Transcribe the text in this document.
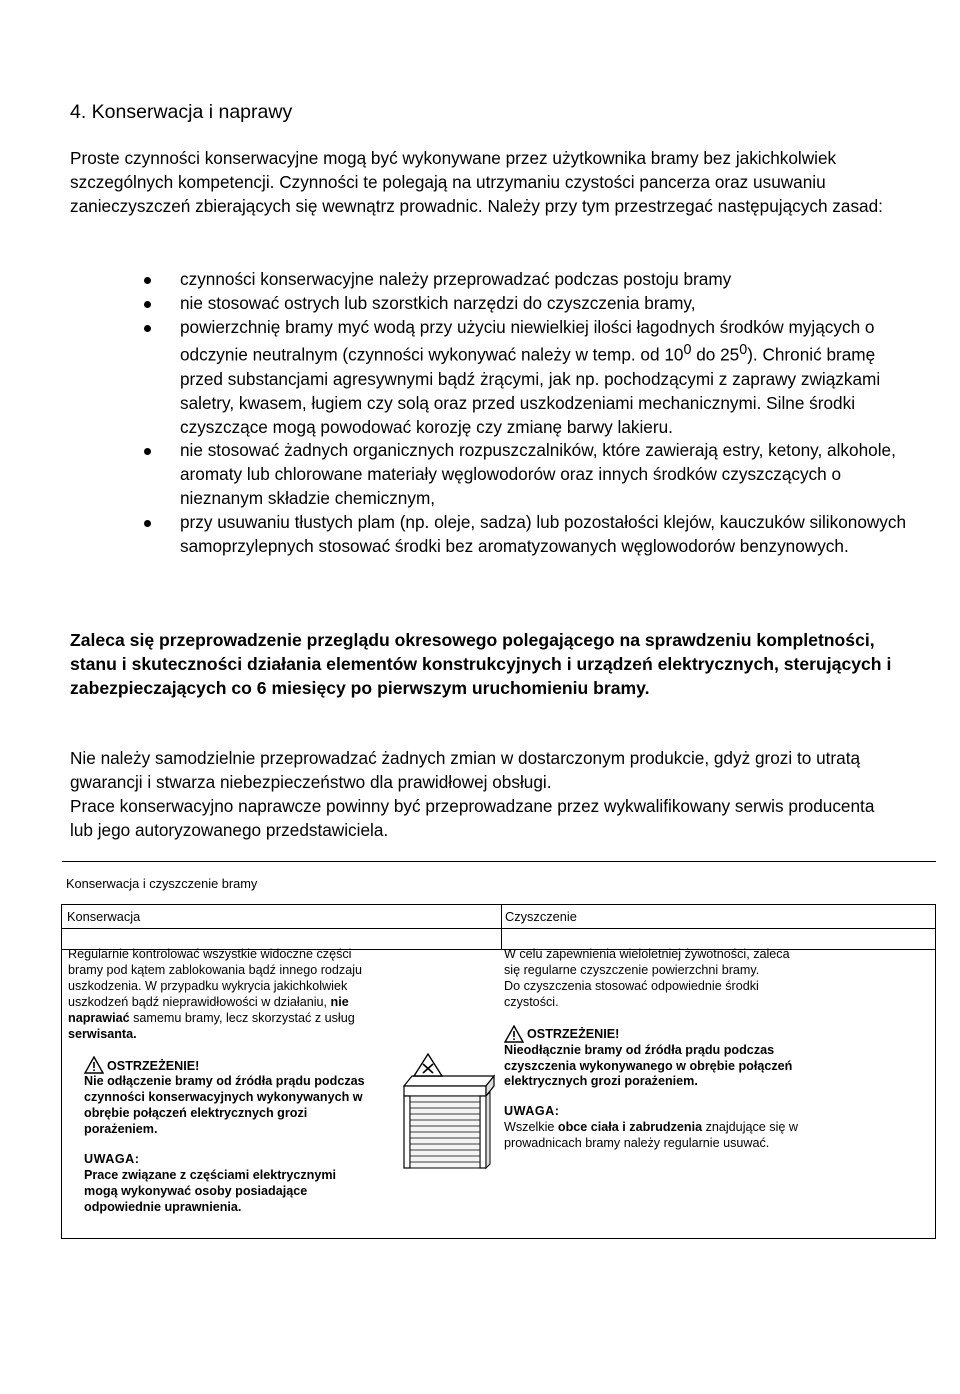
4. Konserwacja i naprawy

Proste czynności konserwacyjne mogą być wykonywane przez użytkownika bramy bez jakichkolwiek szczególnych kompetencji. Czynności te polegają na utrzymaniu czystości pancerza oraz usuwaniu zanieczyszczeń zbierających się wewnątrz prowadnic. Należy przy tym przestrzegać następujących zasad:

czynności konserwacyjne należy przeprowadzać podczas postoju bramy
nie stosować ostrych lub szorstkich narzędzi do czyszczenia bramy,
powierzchnię bramy myć wodą przy użyciu niewielkiej ilości łagodnych środków myjących o odczynie neutralnym (czynności wykonywać należy w temp. od $10^0$ do $25^0$). Chronić bramę przed substancjami agresywnymi bądź żrącymi, jak np. pochodzącymi z zaprawy związkami saletry, kwasem, ługiem czy solą oraz przed uszkodzeniami mechanicznymi. Silne środki czyszczące mogą powodować korozję czy zmianę barwy lakieru.
nie stosować żadnych organicznych rozpuszczalników, które zawierają estry, ketony, alkohole, aromaty lub chlorowane materiały węglowodorów oraz innych środków czyszczących o nieznanym składzie chemicznym,
przy usuwaniu tłustych plam (np. oleje, sadza) lub pozostałości klejów, kauczuków silikonowych samoprzylepnych stosować środki bez aromatyzowanych węglowodorów benzynowych.

Zaleca się przeprowadzenie przeglądu okresowego polegającego na sprawdzeniu kompletności, stanu i skuteczności działania elementów konstrukcyjnych i urządzeń elektrycznych, sterujących i zabezpieczających co 6 miesięcy po pierwszym uruchomieniu bramy.

Nie należy samodzielnie przeprowadzać żadnych zmian w dostarczonym produkcie, gdyż grozi to utratą gwarancji i stwarza niebezpieczeństwo dla prawidłowej obsługi.

Prace konserwacyjno naprawcze powinny być przeprowadzane przez wykwalifikowany serwis producenta lub jego autoryzowanego przedstawiciela.

Konserwacja i czyszczenie bramy
Konserwacja	Czyszczenie

Regularnie kontrolować wszystkie widoczne części bramy pod kątem zablokowania bądź innego rodzaju uszkodzenia. W przypadku wykrycia jakichkolwiek uszkodzeń bądź nieprawidłowości w działaniu, nie naprawiać samemu bramy, lecz skorzystać z usług serwisanta.

OSTRZEŻENIE!

Nie odłączenie bramy od źródła prądu podczas czynności konserwacyjnych wykonywanych w obrębie połączeń elektrycznych grozi porażeniem.

UWAGA:

Prace związane z częściami elektrycznymi mogą wykonywać osoby posiadające odpowiednie uprawnienia.

W celu zapewnienia wieloletniej żywotności, zaleca się regularne czyszczenie powierzchni bramy.

Do czyszczenia stosować odpowiednie środki czystości.

OSTRZEŻENIE!

Nieodłącznie bramy od źródła prądu podczas czyszczenia wykonywanego w obrębie połączeń elektrycznych grozi porażeniem.

UWAGA:

Wszelkie obce ciała i zabrudzenia znajdujące się w prowadnicach bramy należy regularnie usuwać.
